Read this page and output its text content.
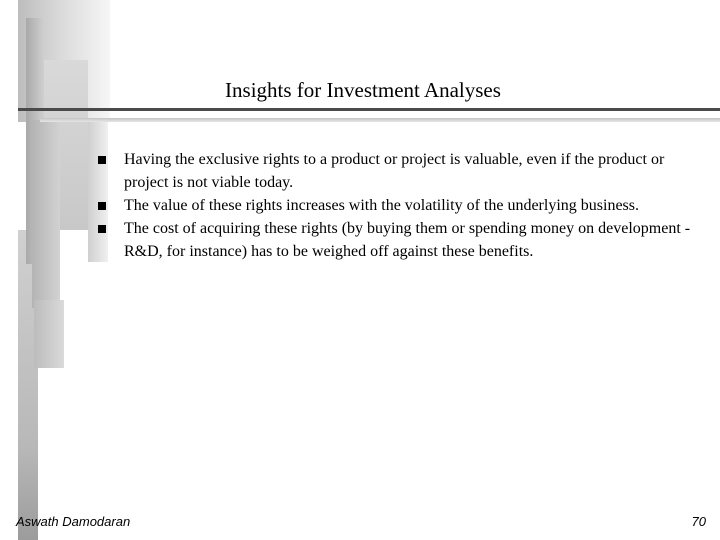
Insights for Investment Analyses
Having the exclusive rights to a product or project is valuable, even if the product or project is not viable today.
The value of these rights increases with the volatility of the underlying business.
The cost of acquiring these rights (by buying them or spending money on development - R&D, for instance) has to be weighed off against these benefits.
Aswath Damodaran	70
